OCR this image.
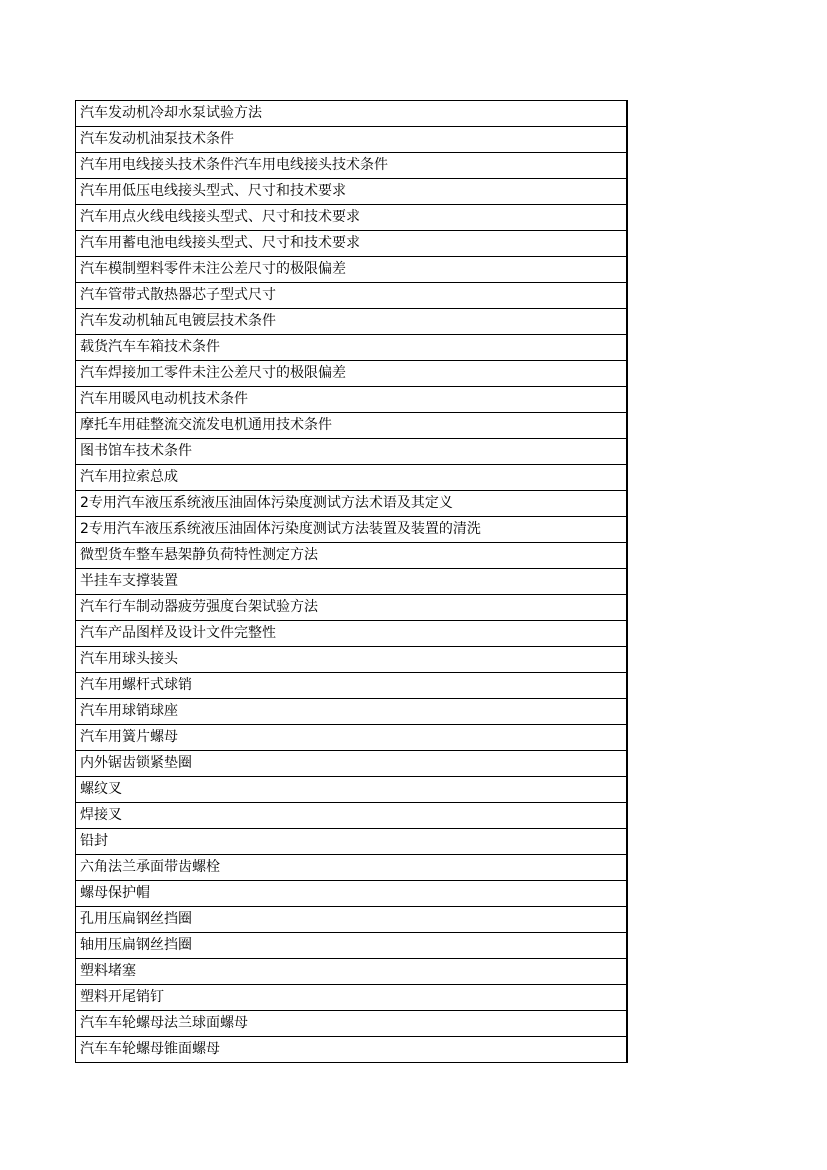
汽车发动机冷却水泵试验方法
汽车发动机油泵技术条件
汽车用电线接头技术条件汽车用电线接头技术条件
汽车用低压电线接头型式、尺寸和技术要求
汽车用点火线电线接头型式、尺寸和技术要求
汽车用蓄电池电线接头型式、尺寸和技术要求
汽车模制塑料零件未注公差尺寸的极限偏差
汽车管带式散热器芯子型式尺寸
汽车发动机轴瓦电镀层技术条件
载货汽车车箱技术条件
汽车焊接加工零件未注公差尺寸的极限偏差
汽车用暖风电动机技术条件
摩托车用硅整流交流发电机通用技术条件
图书馆车技术条件
汽车用拉索总成
2专用汽车液压系统液压油固体污染度测试方法术语及其定义
2专用汽车液压系统液压油固体污染度测试方法装置及装置的清洗
微型货车整车悬架静负荷特性测定方法
半挂车支撑装置
汽车行车制动器疲劳强度台架试验方法
汽车产品图样及设计文件完整性
汽车用球头接头
汽车用螺杆式球销
汽车用球销球座
汽车用簧片螺母
内外锯齿锁紧垫圈
螺纹叉
焊接叉
铅封
六角法兰承面带齿螺栓
螺母保护帽
孔用压扁钢丝挡圈
轴用压扁钢丝挡圈
塑料堵塞
塑料开尾销钉
汽车车轮螺母法兰球面螺母
汽车车轮螺母锥面螺母
